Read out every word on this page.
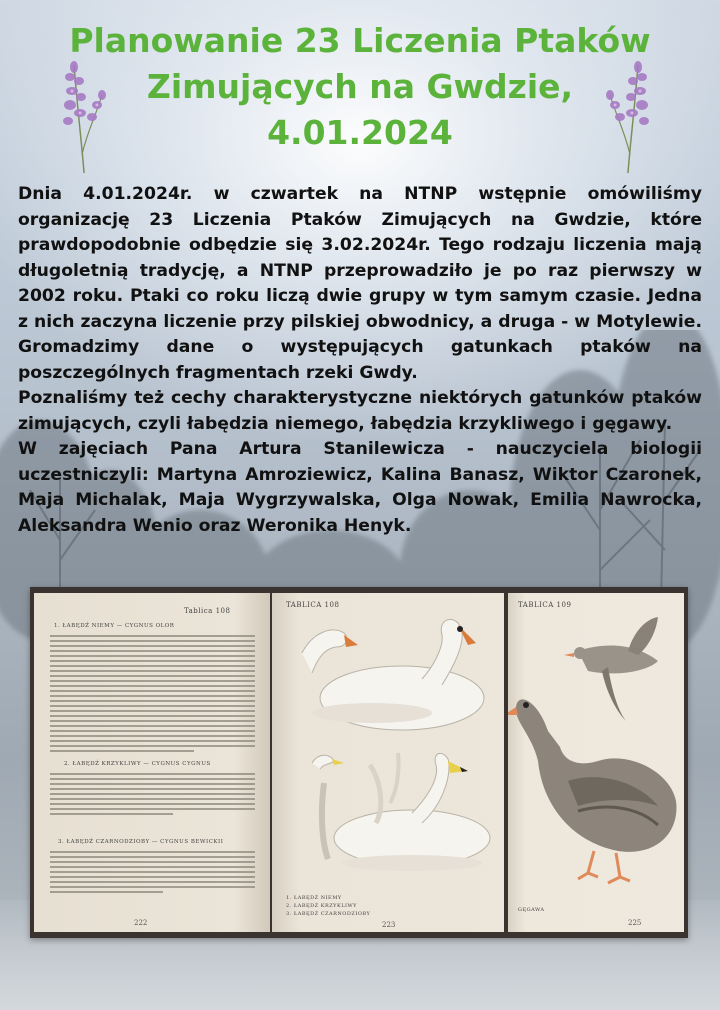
Planowanie 23 Liczenia Ptaków
Zimujących na Gwdzie,
4.01.2024

Dnia 4.01.2024r. w czwartek na NTNP wstępnie omówiliśmy organizację 23 Liczenia Ptaków Zimujących na Gwdzie, które prawdopodobnie odbędzie się 3.02.2024r. Tego rodzaju liczenia mają długoletnią tradycję, a NTNP przeprowadziło je po raz pierwszy w 2002 roku. Ptaki co roku liczą dwie grupy w tym samym czasie. Jedna z nich zaczyna liczenie przy pilskiej obwodnicy, a druga - w Motylewie. Gromadzimy dane o występujących gatunkach ptaków na poszczególnych fragmentach rzeki Gwdy.

Poznaliśmy też cechy charakterystyczne niektórych gatunków ptaków zimujących, czyli łabędzia niemego, łabędzia krzykliwego i gęgawy.

W zajęciach Pana Artura Stanilewicza - nauczyciela biologii uczestniczyli: Martyna Amroziewicz, Kalina Banasz, Wiktor Czaronek, Maja Michalak, Maja Wygrzywalska, Olga Nowak, Emilia Nawrocka, Aleksandra Wenio oraz Weronika Henyk.

Tablica 108
1. ŁABĘDŹ NIEMY — CYGNUS OLOR
2. ŁABĘDŹ KRZYKLIWY — CYGNUS CYGNUS
3. ŁABĘDŹ CZARNODZIOBY — CYGNUS BEWICKII
222
TABLICA 108
1. ŁABĘDŹ NIEMY
2. ŁABĘDŹ KRZYKLIWY
3. ŁABĘDŹ CZARNODZIOBY
223
TABLICA 109
GĘGAWA
225
